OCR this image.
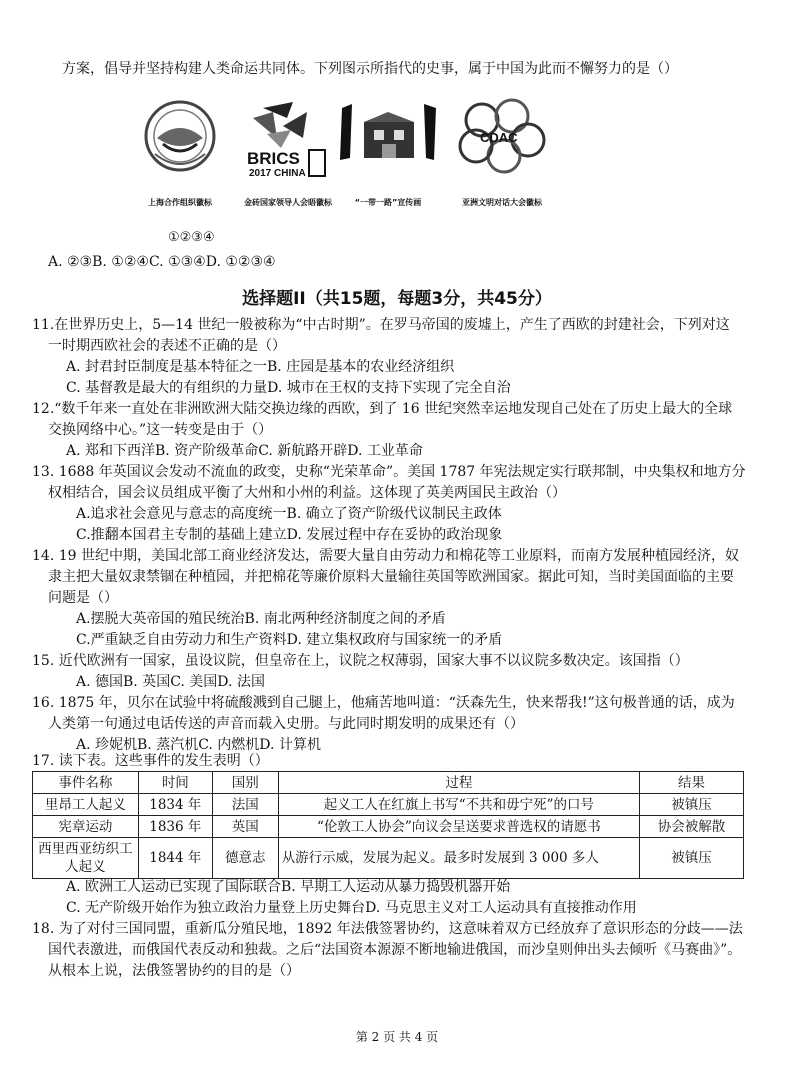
方案，倡导并坚持构建人类命运共同体。下列图示所指代的史事，属于中国为此而不懈努力的是（）
上海合作组织徽标
BRICS
2017 CHINA
金砖国家领导人会晤徽标	“一带一路”宣传画
CDAC
亚洲文明对话大会徽标
①②③④
A. ②③B. ①②④C. ①③④D. ①②③④
选择题II（共15题，每题3分，共45分）
11.在世界历史上，5—14 世纪一般被称为“中古时期”。在罗马帝国的废墟上，产生了西欧的封建社会，下列对这
一时期西欧社会的表述不正确的是（）
A. 封君封臣制度是基本特征之一B. 庄园是基本的农业经济组织
C. 基督教是最大的有组织的力量D. 城市在王权的支持下实现了完全自治
12.“数千年来一直处在非洲欧洲大陆交换边缘的西欧，到了 16 世纪突然幸运地发现自己处在了历史上最大的全球
交换网络中心。”这一转变是由于（）
A. 郑和下西洋B. 资产阶级革命C. 新航路开辟D. 工业革命
13. 1688 年英国议会发动不流血的政变，史称“光荣革命”。美国 1787 年宪法规定实行联邦制，中央集权和地方分
权相结合，国会议员组成平衡了大州和小州的利益。这体现了英美两国民主政治（）
A.追求社会意见与意志的高度统一B. 确立了资产阶级代议制民主政体
C.推翻本国君主专制的基础上建立D. 发展过程中存在妥协的政治现象
14. 19 世纪中期，美国北部工商业经济发达，需要大量自由劳动力和棉花等工业原料，而南方发展种植园经济，奴
隶主把大量奴隶禁锢在种植园，并把棉花等廉价原料大量输往英国等欧洲国家。据此可知，当时美国面临的主要
问题是（）
A.摆脱大英帝国的殖民统治B. 南北两种经济制度之间的矛盾
C.严重缺乏自由劳动力和生产资料D. 建立集权政府与国家统一的矛盾
15. 近代欧洲有一国家，虽设议院，但皇帝在上，议院之权薄弱，国家大事不以议院多数决定。该国指（）
A. 德国B. 英国C. 美国D. 法国
16. 1875 年，贝尔在试验中将硫酸溅到自己腿上，他痛苦地叫道：“沃森先生，快来帮我!”这句极普通的话，成为
人类第一句通过电话传送的声音而载入史册。与此同时期发明的成果还有（）
A. 珍妮机B. 蒸汽机C. 内燃机D. 计算机
17. 读下表。这些事件的发生表明（）
事件名称	时间	国别	过程	结果
里昂工人起义	1834 年	法国	起义工人在红旗上书写“不共和毋宁死”的口号	被镇压
宪章运动	1836 年	英国	“伦敦工人协会”向议会呈送要求普选权的请愿书	协会被解散
西里西亚纺织工人起义	1844 年	德意志	从游行示威，发展为起义。最多时发展到 3 000 多人	被镇压
A. 欧洲工人运动已实现了国际联合B. 早期工人运动从暴力捣毁机器开始
C. 无产阶级开始作为独立政治力量登上历史舞台D. 马克思主义对工人运动具有直接推动作用
18. 为了对付三国同盟，重新瓜分殖民地，1892 年法俄签署协约，这意味着双方已经放弃了意识形态的分歧——法
国代表激进，而俄国代表反动和独裁。之后“法国资本源源不断地输进俄国，而沙皇则伸出头去倾听《马赛曲》”。
从根本上说，法俄签署协约的目的是（）
第 2 页 共 4 页
